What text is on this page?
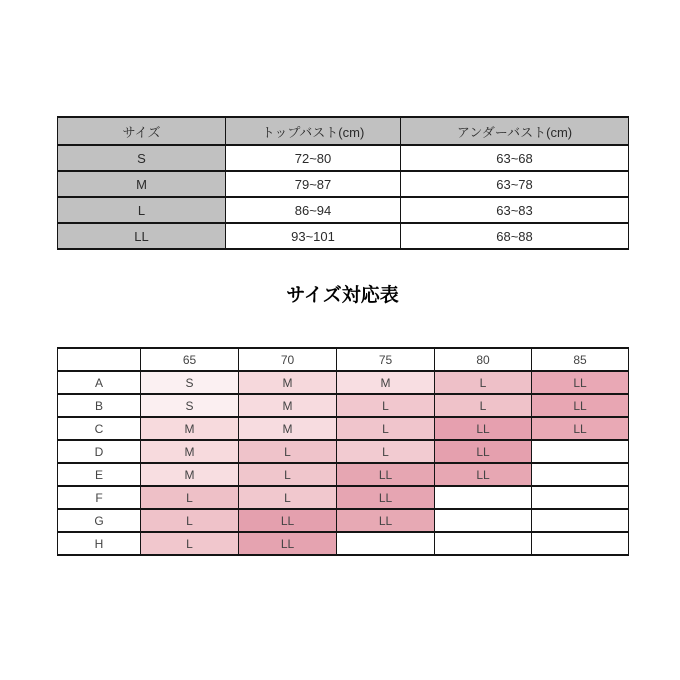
サイズ	トップバスト(cm)	アンダーバスト(cm)
S	72~80	63~68
M	79~87	63~78
L	86~94	63~83
LL	93~101	68~88
サイズ対応表
	65	70	75	80	85
A	S	M	M	L	LL
B	S	M	L	L	LL
C	M	M	L	LL	LL
D	M	L	L	LL	
E	M	L	LL	LL	
F	L	L	LL		
G	L	LL	LL		
H	L	LL			
